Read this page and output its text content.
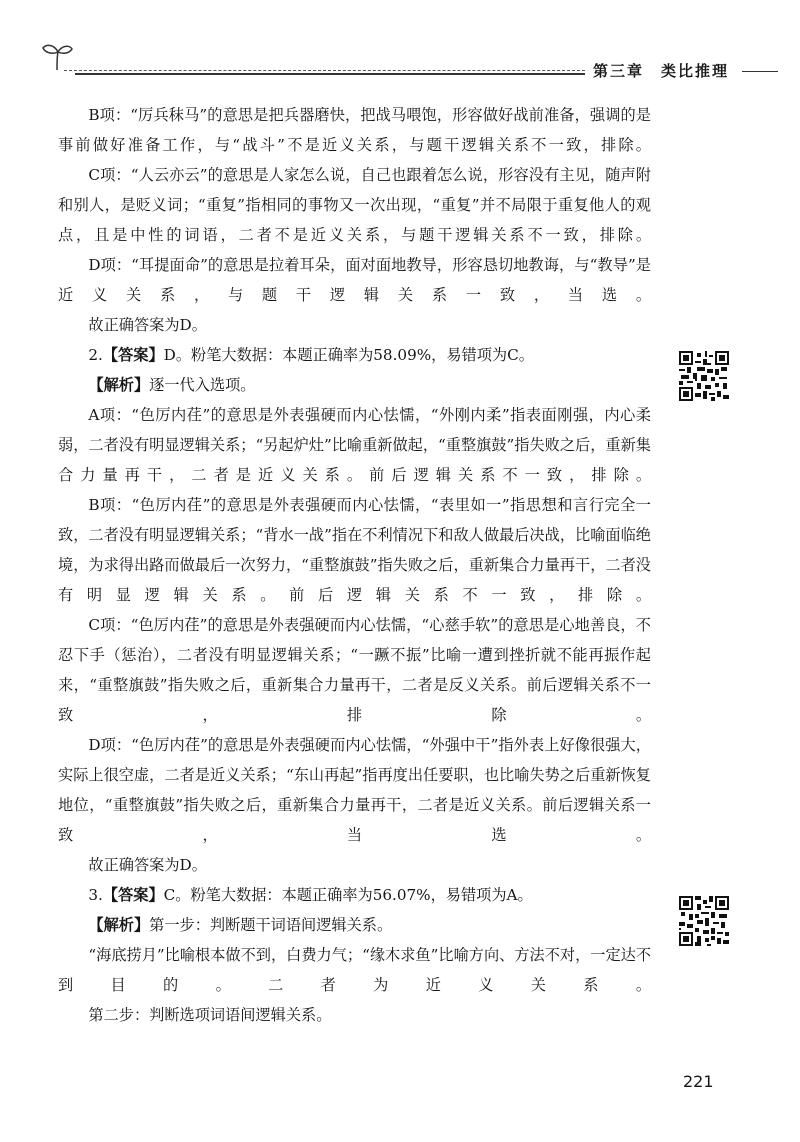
第三章　类比推理

B项：“厉兵秣马”的意思是把兵器磨快，把战马喂饱，形容做好战前准备，强调的是事前做好准备工作，与“战斗”不是近义关系，与题干逻辑关系不一致，排除。

C项：“人云亦云”的意思是人家怎么说，自己也跟着怎么说，形容没有主见，随声附和别人，是贬义词；“重复”指相同的事物又一次出现，“重复”并不局限于重复他人的观点，且是中性的词语，二者不是近义关系，与题干逻辑关系不一致，排除。

D项：“耳提面命”的意思是拉着耳朵，面对面地教导，形容恳切地教诲，与“教导”是近义关系，与题干逻辑关系一致，当选。

故正确答案为D。

2.【答案】D。粉笔大数据：本题正确率为58.09%，易错项为C。

【解析】逐一代入选项。

A项：“色厉内荏”的意思是外表强硬而内心怯懦，“外刚内柔”指表面刚强，内心柔弱，二者没有明显逻辑关系；“另起炉灶”比喻重新做起，“重整旗鼓”指失败之后，重新集合力量再干，二者是近义关系。前后逻辑关系不一致，排除。

B项：“色厉内荏”的意思是外表强硬而内心怯懦，“表里如一”指思想和言行完全一致，二者没有明显逻辑关系；“背水一战”指在不利情况下和敌人做最后决战，比喻面临绝境，为求得出路而做最后一次努力，“重整旗鼓”指失败之后，重新集合力量再干，二者没有明显逻辑关系。前后逻辑关系不一致，排除。

C项：“色厉内荏”的意思是外表强硬而内心怯懦，“心慈手软”的意思是心地善良，不忍下手（惩治），二者没有明显逻辑关系；“一蹶不振”比喻一遭到挫折就不能再振作起来，“重整旗鼓”指失败之后，重新集合力量再干，二者是反义关系。前后逻辑关系不一致，排除。

D项：“色厉内荏”的意思是外表强硬而内心怯懦，“外强中干”指外表上好像很强大，实际上很空虚，二者是近义关系；“东山再起”指再度出任要职，也比喻失势之后重新恢复地位，“重整旗鼓”指失败之后，重新集合力量再干，二者是近义关系。前后逻辑关系一致，当选。

故正确答案为D。

3.【答案】C。粉笔大数据：本题正确率为56.07%，易错项为A。

【解析】第一步：判断题干词语间逻辑关系。

“海底捞月”比喻根本做不到，白费力气；“缘木求鱼”比喻方向、方法不对，一定达不到目的。二者为近义关系。

第二步：判断选项词语间逻辑关系。

221
